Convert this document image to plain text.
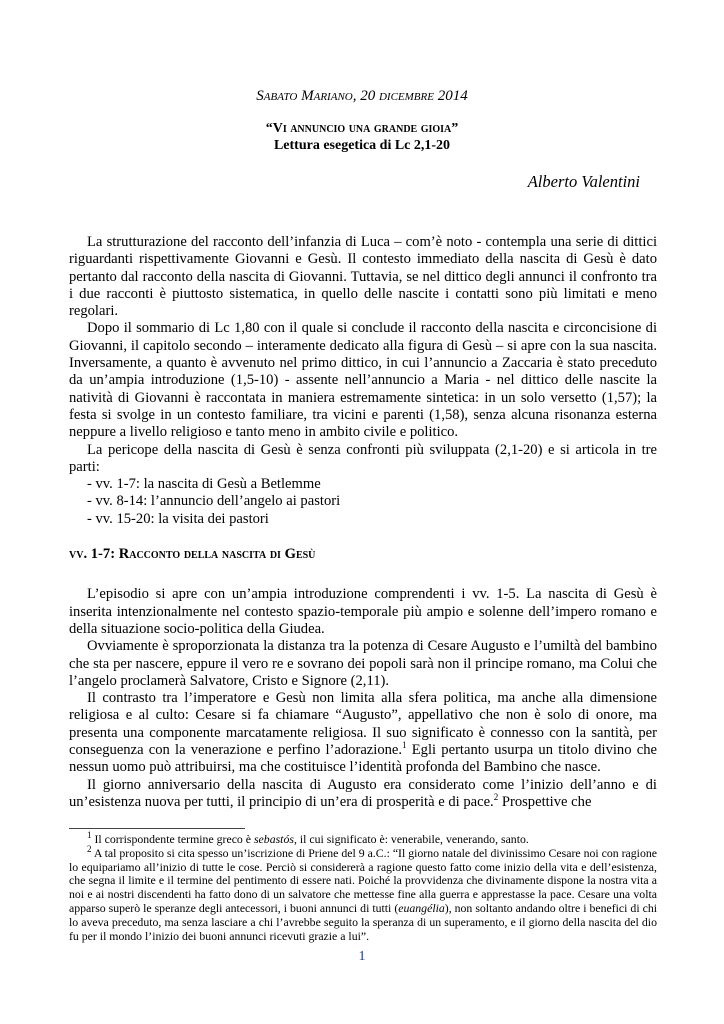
Sabato Mariano, 20 dicembre 2014
“Vi annuncio una grande gioia”
Lettura esegetica di Lc 2,1-20
Alberto Valentini

La strutturazione del racconto dell’infanzia di Luca – com’è noto - contempla una serie di dittici riguardanti rispettivamente Giovanni e Gesù. Il contesto immediato della nascita di Gesù è dato pertanto dal racconto della nascita di Giovanni. Tuttavia, se nel dittico degli annunci il confronto tra i due racconti è piuttosto sistematica, in quello delle nascite i contatti sono più limitati e meno regolari.

Dopo il sommario di Lc 1,80 con il quale si conclude il racconto della nascita e circoncisione di Giovanni, il capitolo secondo – interamente dedicato alla figura di Gesù – si apre con la sua nascita. Inversamente, a quanto è avvenuto nel primo dittico, in cui l’annuncio a Zaccaria è stato preceduto da un’ampia introduzione (1,5-10) - assente nell’annuncio a Maria - nel dittico delle nascite la natività di Giovanni è raccontata in maniera estremamente sintetica: in un solo versetto (1,57); la festa si svolge in un contesto familiare, tra vicini e parenti (1,58), senza alcuna risonanza esterna neppure a livello religioso e tanto meno in ambito civile e politico.

La pericope della nascita di Gesù è senza confronti più sviluppata (2,1-20) e si articola in tre parti:

- vv. 1-7: la nascita di Gesù a Betlemme
- vv. 8-14: l’annuncio dell’angelo ai pastori
- vv. 15-20: la visita dei pastori
vv. 1-7: Racconto della nascita di Gesù

L’episodio si apre con un’ampia introduzione comprendenti i vv. 1-5. La nascita di Gesù è inserita intenzionalmente nel contesto spazio-temporale più ampio e solenne dell’impero romano e della situazione socio-politica della Giudea.

Ovviamente è sproporzionata la distanza tra la potenza di Cesare Augusto e l’umiltà del bambino che sta per nascere, eppure il vero re e sovrano dei popoli sarà non il principe romano, ma Colui che l’angelo proclamerà Salvatore, Cristo e Signore (2,11).

Il contrasto tra l’imperatore e Gesù non limita alla sfera politica, ma anche alla dimensione religiosa e al culto: Cesare si fa chiamare “Augusto”, appellativo che non è solo di onore, ma presenta una componente marcatamente religiosa. Il suo significato è connesso con la santità, per conseguenza con la venerazione e perfino l’adorazione.$^1$ Egli pertanto usurpa un titolo divino che nessun uomo può attribuirsi, ma che costituisce l’identità profonda del Bambino che nasce.

Il giorno anniversario della nascita di Augusto era considerato come l’inizio dell’anno e di un’esistenza nuova per tutti, il principio di un’era di prosperità e di pace.$^2$ Prospettive che

$^1$ Il corrispondente termine greco è sebastós, il cui significato è: venerabile, venerando, santo.

$^2$ A tal proposito si cita spesso un’iscrizione di Priene del 9 a.C.: “Il giorno natale del divinissimo Cesare noi con ragione lo equipariamo all’inizio di tutte le cose. Perciò si considererà a ragione questo fatto come inizio della vita e dell’esistenza, che segna il limite e il termine del pentimento di essere nati. Poiché la provvidenza che divinamente dispone la nostra vita a noi e ai nostri discendenti ha fatto dono di un salvatore che mettesse fine alla guerra e apprestasse la pace. Cesare una volta apparso superò le speranze degli antecessori, i buoni annunci di tutti (euangélia), non soltanto andando oltre i benefici di chi lo aveva preceduto, ma senza lasciare a chi l’avrebbe seguito la speranza di un superamento, e il giorno della nascita del dio fu per il mondo l’inizio dei buoni annunci ricevuti grazie a lui”.

1
